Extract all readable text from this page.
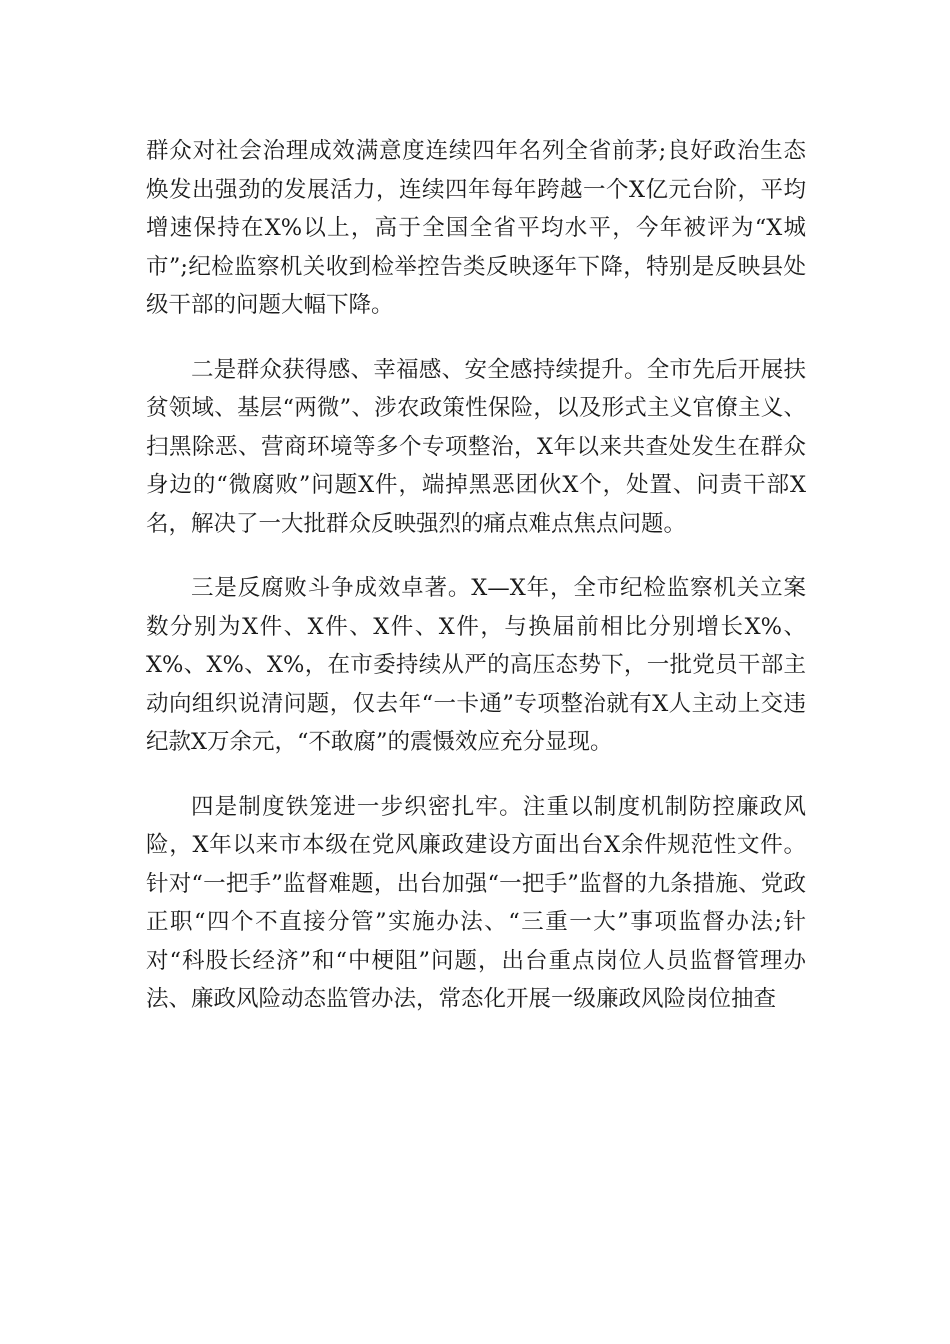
群众对社会治理成效满意度连续四年名列全省前茅;良好政治生态焕发出强劲的发展活力，连续四年每年跨越一个X亿元台阶，平均增速保持在X%以上，高于全国全省平均水平，今年被评为“X城市”;纪检监察机关收到检举控告类反映逐年下降，特别是反映县处级干部的问题大幅下降。

二是群众获得感、幸福感、安全感持续提升。全市先后开展扶贫领域、基层“两微”、涉农政策性保险，以及形式主义官僚主义、扫黑除恶、营商环境等多个专项整治，X年以来共查处发生在群众身边的“微腐败”问题X件，端掉黑恶团伙X个，处置、问责干部X名，解决了一大批群众反映强烈的痛点难点焦点问题。

三是反腐败斗争成效卓著。X—X年，全市纪检监察机关立案数分别为X件、X件、X件、X件，与换届前相比分别增长X%、X%、X%、X%，在市委持续从严的高压态势下，一批党员干部主动向组织说清问题，仅去年“一卡通”专项整治就有X人主动上交违纪款X万余元，“不敢腐”的震慑效应充分显现。

四是制度铁笼进一步织密扎牢。注重以制度机制防控廉政风险，X年以来市本级在党风廉政建设方面出台X余件规范性文件。针对“一把手”监督难题，出台加强“一把手”监督的九条措施、党政正职“四个不直接分管”实施办法、“三重一大”事项监督办法;针对“科股长经济”和“中梗阻”问题，出台重点岗位人员监督管理办法、廉政风险动态监管办法，常态化开展一级廉政风险岗位抽查
